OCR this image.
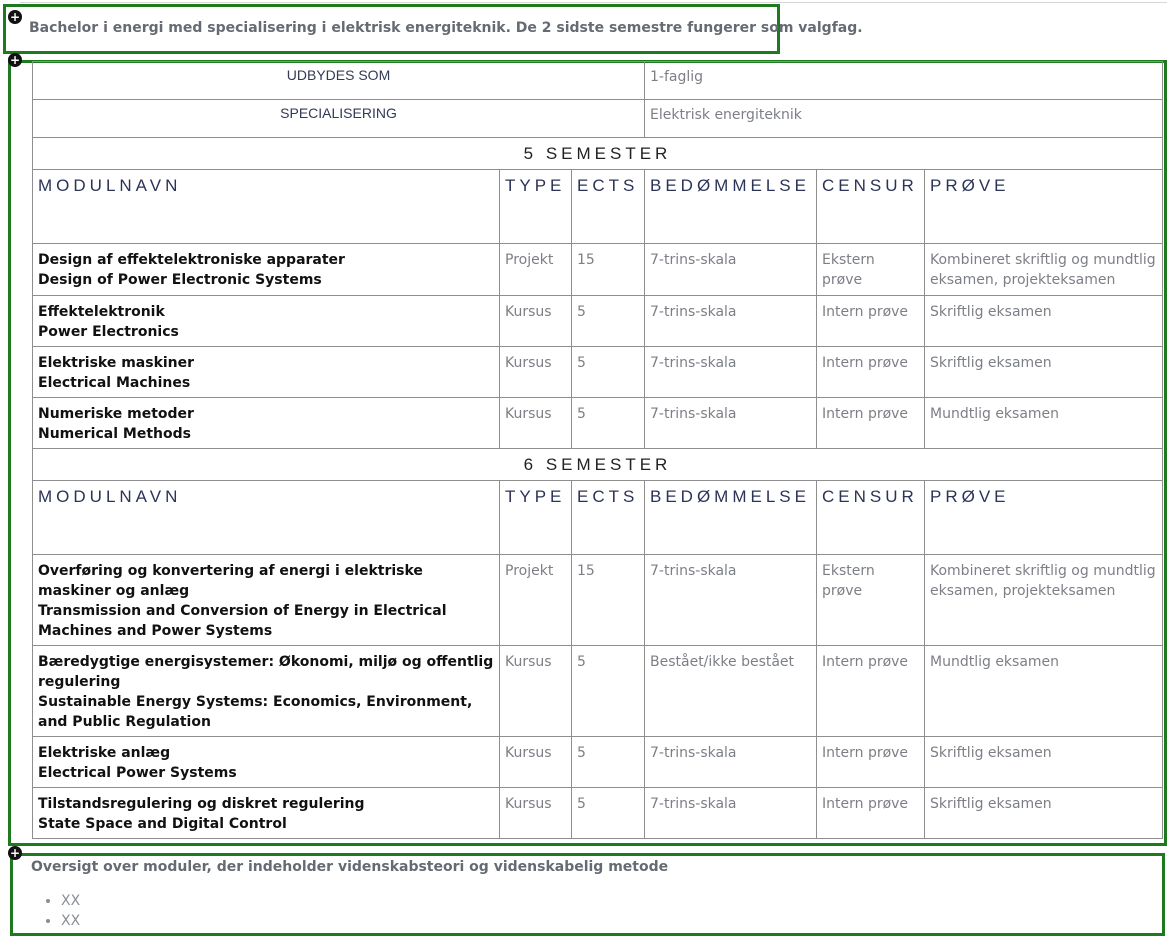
+
+
+
Bachelor i energi med specialisering i elektrisk energiteknik. De 2 sidste semestre fungerer som valgfag.
UDBYDES SOM			1-faglig		
SPECIALISERING			Elektrisk energiteknik		
5 SEMESTER					
MODULNAVN	TYPE	ECTS	BEDØMMELSE	CENSUR	PRØVE

Design af effektelektroniske apparater
Design of Power Electronic Systems	Projekt	15	7-trins-skala	Ekstern prøve	Kombineret skriftlig og mundtlig eksamen, projekteksamen

Effektelektronik
Power Electronics	Kursus	5	7-trins-skala	Intern prøve	Skriftlig eksamen

Elektriske maskiner
Electrical Machines	Kursus	5	7-trins-skala	Intern prøve	Skriftlig eksamen

Numeriske metoder
Numerical Methods	Kursus	5	7-trins-skala	Intern prøve	Mundtlig eksamen
6 SEMESTER					
MODULNAVN	TYPE	ECTS	BEDØMMELSE	CENSUR	PRØVE

Overføring og konvertering af energi i elektriske maskiner og anlæg
Transmission and Conversion of Energy in Electrical Machines and Power Systems	Projekt	15	7-trins-skala	Ekstern prøve	Kombineret skriftlig og mundtlig eksamen, projekteksamen

Bæredygtige energisystemer: Økonomi, miljø og offentlig regulering
Sustainable Energy Systems: Economics, Environment, and Public Regulation	Kursus	5	Bestået/ikke bestået	Intern prøve	Mundtlig eksamen

Elektriske anlæg
Electrical Power Systems	Kursus	5	7-trins-skala	Intern prøve	Skriftlig eksamen

Tilstandsregulering og diskret regulering
State Space and Digital Control	Kursus	5	7-trins-skala	Intern prøve	Skriftlig eksamen
Oversigt over moduler, der indeholder videnskabsteori og videnskabelig metode
• XX
• XX
